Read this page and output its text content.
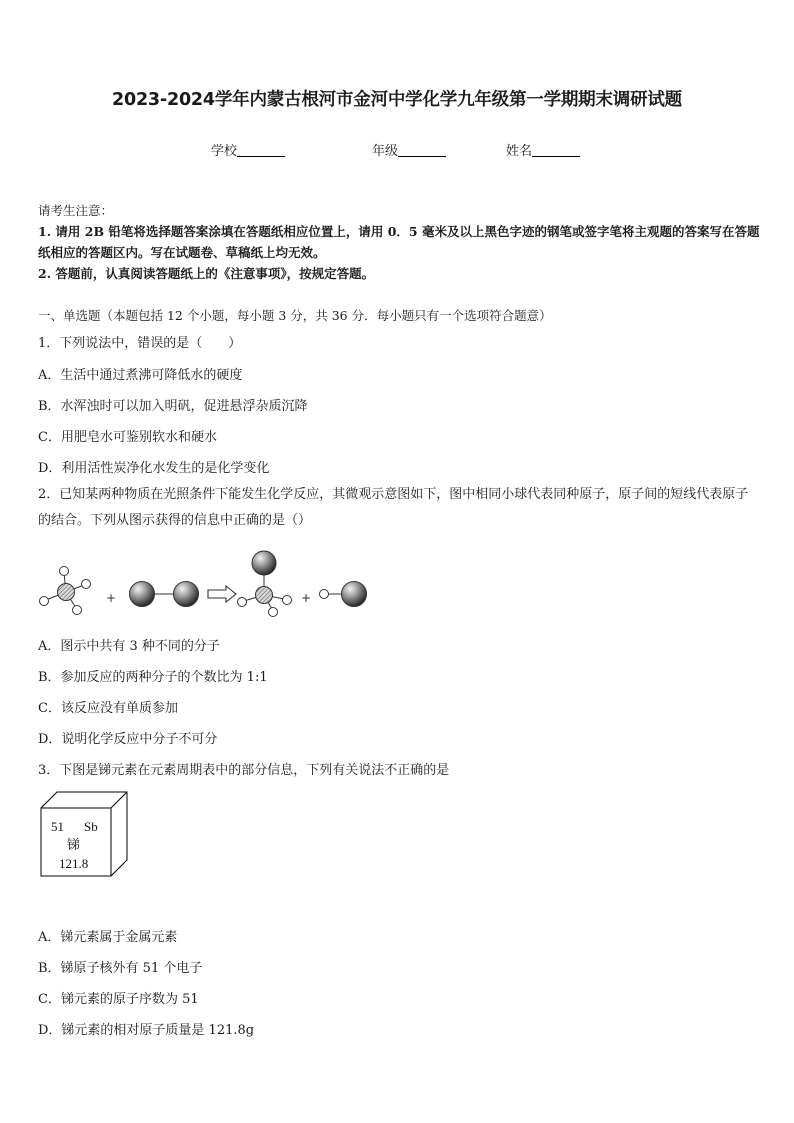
2023-2024学年内蒙古根河市金河中学化学九年级第一学期期末调研试题
学校	年级	姓名
请考生注意：
1. 请用 2B 铅笔将选择题答案涂填在答题纸相应位置上，请用 0．5 毫米及以上黑色字迹的钢笔或签字笔将主观题的答案写在答题纸相应的答题区内。写在试题卷、草稿纸上均无效。
2. 答题前，认真阅读答题纸上的《注意事项》，按规定答题。
一、单选题（本题包括 12 个小题，每小题 3 分，共 36 分．每小题只有一个选项符合题意）
1．下列说法中，错误的是（　　）
A．生活中通过煮沸可降低水的硬度
B．水浑浊时可以加入明矾，促进悬浮杂质沉降
C．用肥皂水可鉴别软水和硬水
D．利用活性炭净化水发生的是化学变化
2．已知某两种物质在光照条件下能发生化学反应，其微观示意图如下，图中相同小球代表同种原子，原子间的短线代表原子的结合。下列从图示获得的信息中正确的是（）
+	+
A．图示中共有 3 种不同的分子
B．参加反应的两种分子的个数比为 1:1
C．该反应没有单质参加
D．说明化学反应中分子不可分
3．下图是锑元素在元素周期表中的部分信息，下列有关说法不正确的是
51 Sb
锑
121.8
A．锑元素属于金属元素
B．锑原子核外有 51 个电子
C．锑元素的原子序数为 51
D．锑元素的相对原子质量是 121.8g
